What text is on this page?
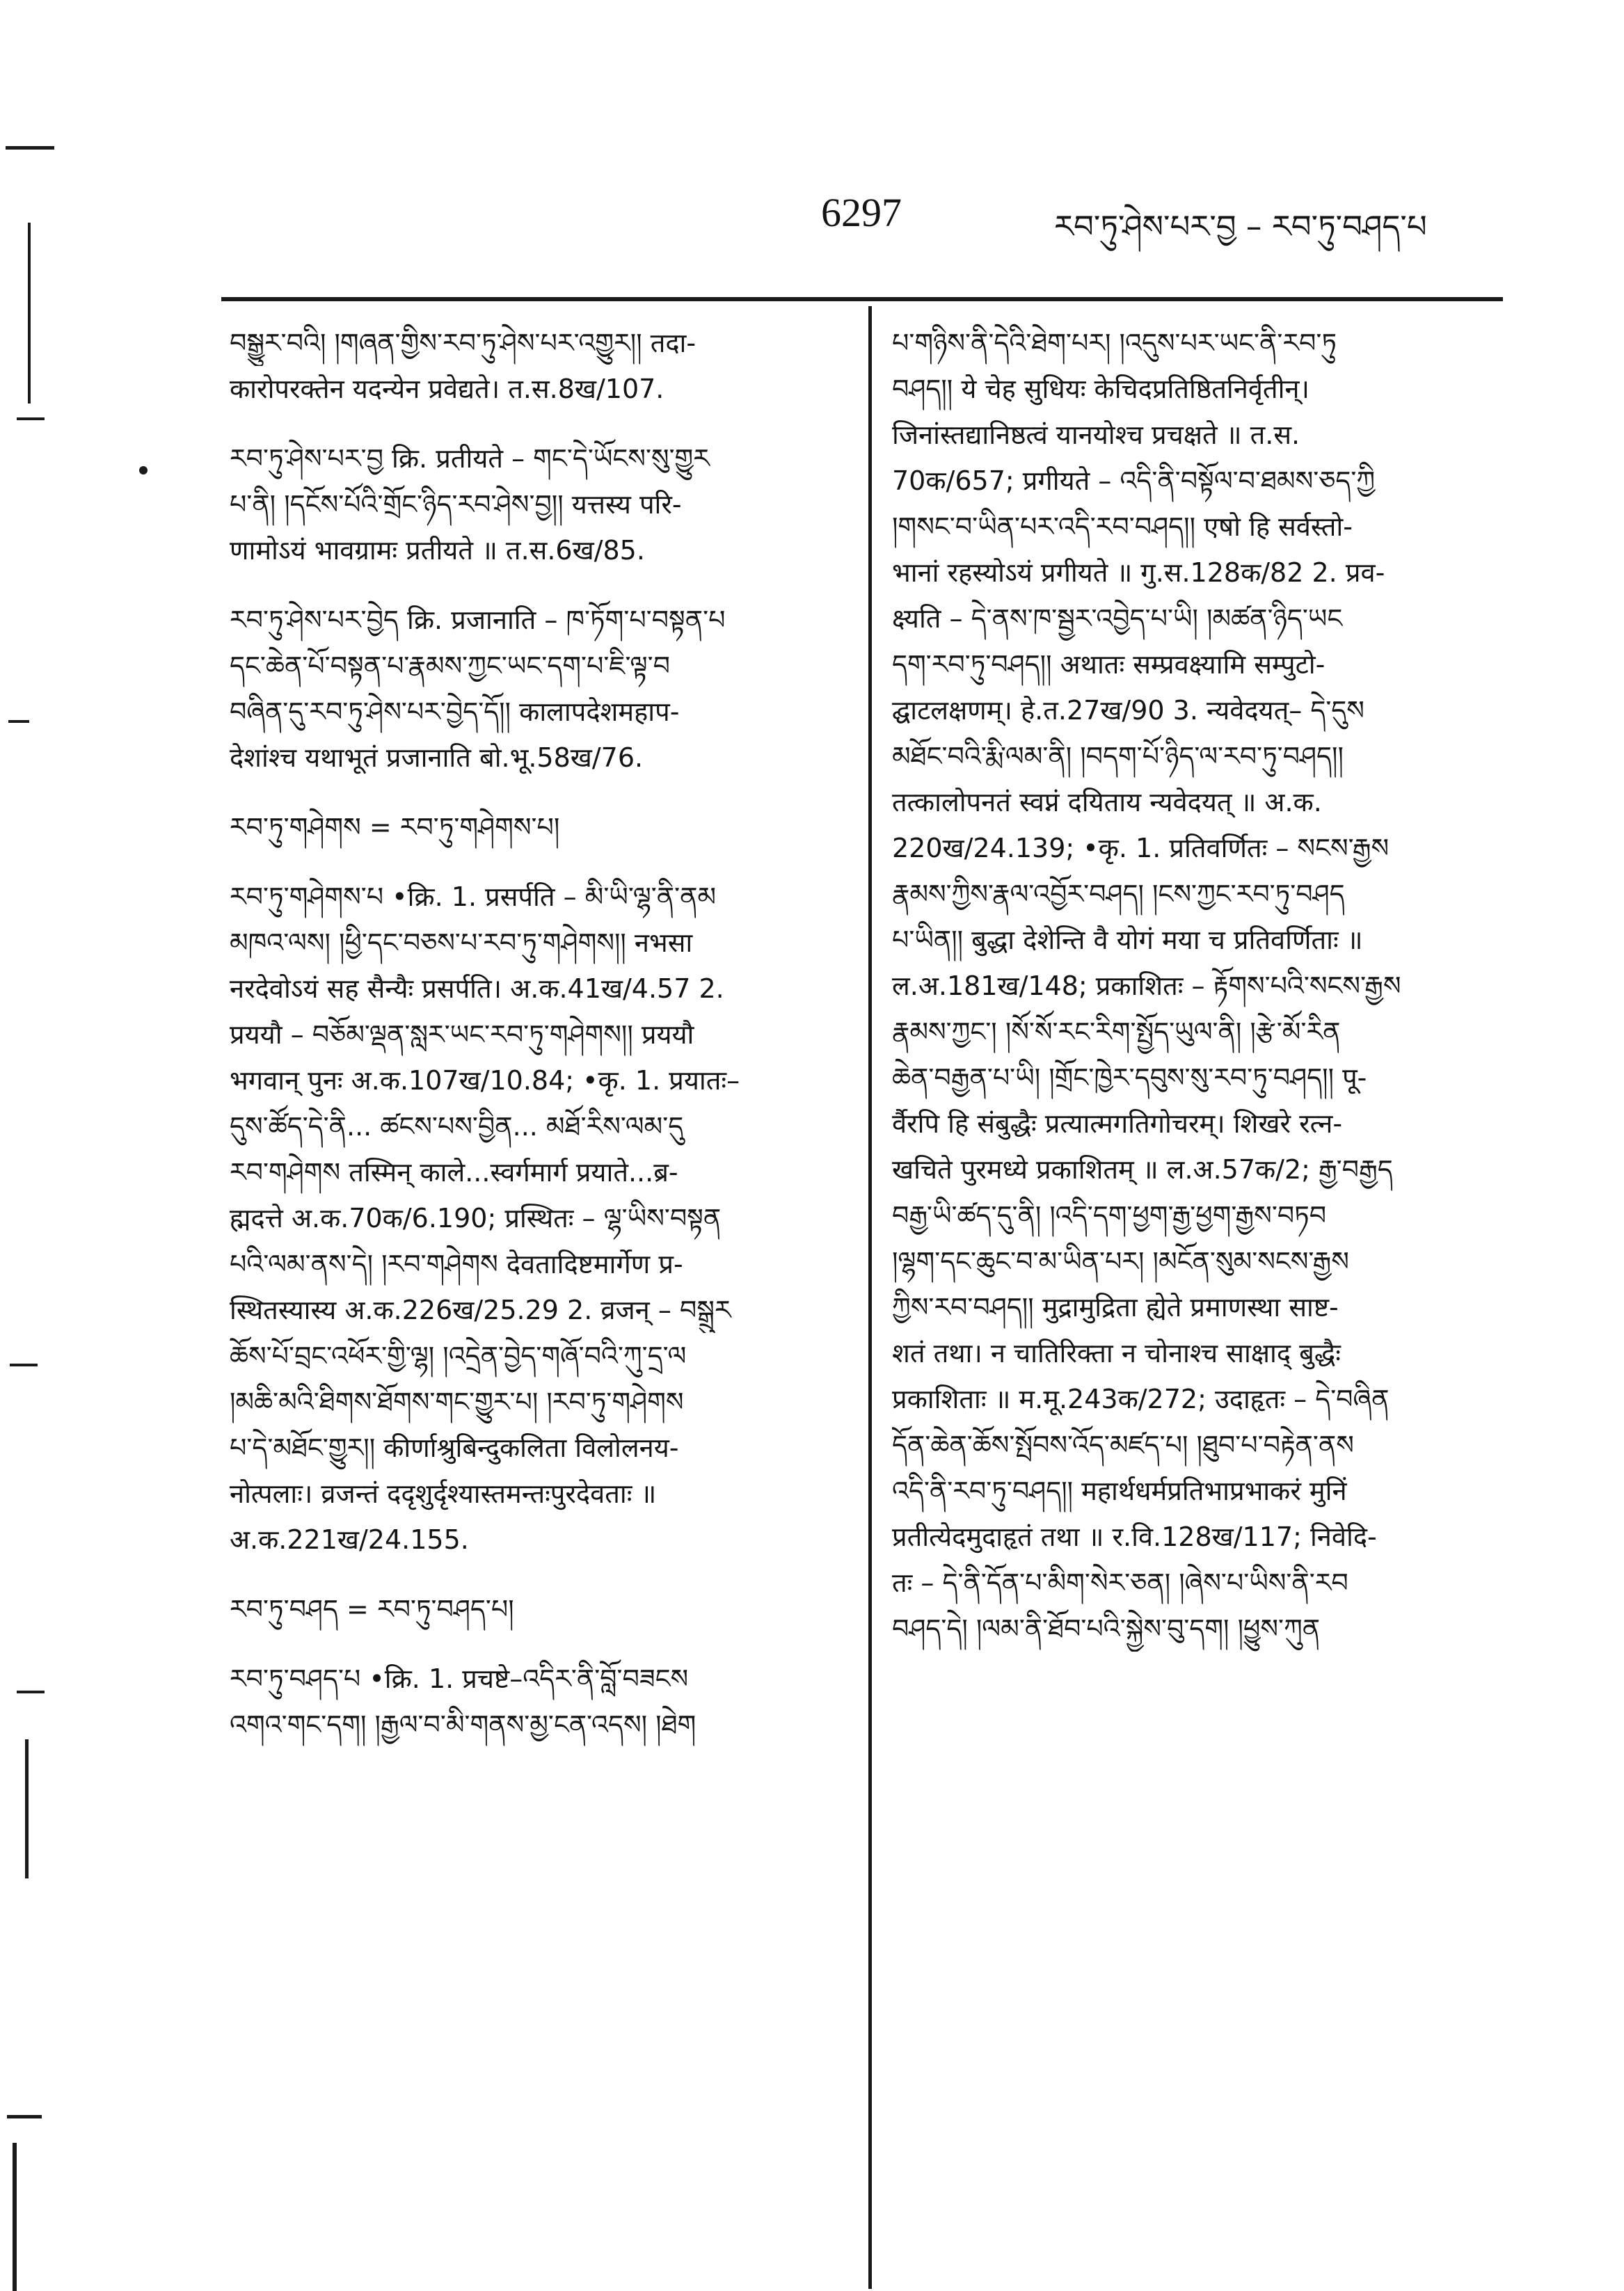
6297	རབ་ཏུ་ཤེས་པར་བྱ – རབ་ཏུ་བཤད་པ
བསྒྱུར་བའི། །གཞན་གྱིས་རབ་ཏུ་ཤེས་པར་འགྱུར།། तदा-
कारोपरक्तेन यदन्येन प्रवेद्यते। त.स.8ख/107.
རབ་ཏུ་ཤེས་པར་བྱ क्रि. प्रतीयते – གང་དེ་ཡོངས་སུ་གྱུར
པ་ནི། །དངོས་པོའི་གྲོང་ཉིད་རབ་ཤེས་བྱ།། यत्तस्य परि-
णामोऽयं भावग्रामः प्रतीयते ॥ त.स.6ख/85.
རབ་ཏུ་ཤེས་པར་བྱེད क्रि. प्रजानाति – ཁ་ཏོག་པ་བསྟན་པ
དང་ཆེན་པོ་བསྟན་པ་རྣམས་ཀྱང་ཡང་དག་པ་ཇི་ལྟ་བ
བཞིན་དུ་རབ་ཏུ་ཤེས་པར་བྱེད་དོ།། कालापदेशमहाप-
देशांश्च यथाभूतं प्रजानाति बो.भू.58ख/76.
རབ་ཏུ་གཤེགས = རབ་ཏུ་གཤེགས་པ།
རབ་ཏུ་གཤེགས་པ •क्रि. 1. प्रसर्पति – མི་ཡི་ལྷ་ནི་ནམ
མཁའ་ལས། །ཕྱི་དང་བཅས་པ་རབ་ཏུ་གཤེགས།། नभसा
नरदेवोऽयं सह सैन्यैः प्रसर्पति। अ.क.41ख/4.57 2.
प्रययौ – བཅོམ་ལྡན་སླར་ཡང་རབ་ཏུ་གཤེགས།། प्रययौ
भगवान् पुनः अ.क.107ख/10.84; •कृ. 1. प्रयातः–
དུས་ཚོད་དེ་ནི... ཚངས་པས་བྱིན... མཐོ་རིས་ལམ་དུ
རབ་གཤེགས तस्मिन् काले...स्वर्गमार्ग प्रयाते...ब्र-
ह्मदत्ते अ.क.70क/6.190; प्रस्थितः – ལྷ་ཡིས་བསྟན
པའི་ལམ་ནས་དེ། །རབ་གཤེགས देवतादिष्टमार्गेण प्र-
स्थितस्यास्य अ.क.226ख/25.29 2. व्रजन् – བསྒྲུར
ཆོས་པོ་བྲང་འཕོར་གྱི་ལྷ། །འདྲེན་བྱེད་གཞོ་བའི་ཀུ་དྲ་ལ
།མཆི་མའི་ཐིགས་ཐོགས་གང་གྱུར་པ། །རབ་ཏུ་གཤེགས
པ་དེ་མཐོང་གྱུར།། कीर्णाश्रुबिन्दुकलिता विलोलनय-
नोत्पलाः। व्रजन्तं ददृशुर्दृश्यास्तमन्तःपुरदेवताः ॥
अ.क.221ख/24.155.
རབ་ཏུ་བཤད = རབ་ཏུ་བཤད་པ།
རབ་ཏུ་བཤད་པ •क्रि. 1. प्रचष्टे–འདིར་ནི་བློ་བཟངས
འགའ་གང་དག། །རྒྱལ་བ་མི་གནས་མྱ་ངན་འདས། །ཐེག
པ་གཉིས་ནི་དེའི་ཐེག་པར། །འདུས་པར་ཡང་ནི་རབ་ཏུ
བཤད།། ये चेह सुधियः केचिदप्रतिष्ठितनिर्वृतीन्।
जिनांस्तद्यानिष्ठत्वं यानयोश्च प्रचक्षते ॥ त.स.
70क/657; प्रगीयते – འདི་ནི་བསྟོལ་བ་ཐམས་ཅད་ཀྱི
།གསང་བ་ཡིན་པར་འདི་རབ་བཤད།། एषो हि सर्वस्तो-
भानां रहस्योऽयं प्रगीयते ॥ गु.स.128क/82 2. प्रव-
क्ष्यति – དེ་ནས་ཁ་སྦྱར་འབྱེད་པ་ཡི། །མཚན་ཉིད་ཡང
དག་རབ་ཏུ་བཤད།། अथातः सम्प्रवक्ष्यामि सम्पुटो-
द्घाटलक्षणम्। हे.त.27ख/90 3. न्यवेदयत्– དེ་དུས
མཐོང་བའི་རྨི་ལམ་ནི། །བདག་པོ་ཉིད་ལ་རབ་ཏུ་བཤད།།
तत्कालोपनतं स्वप्नं दयिताय न्यवेदयत् ॥ अ.क.
220ख/24.139; •कृ. 1. प्रतिवर्णितः – སངས་རྒྱས
རྣམས་ཀྱིས་རྣལ་འབྱོར་བཤད། །ངས་ཀྱང་རབ་ཏུ་བཤད
པ་ཡིན།། बुद्धा देशेन्ति वै योगं मया च प्रतिवर्णिताः ॥
ल.अ.181ख/148; प्रकाशितः – རྟོགས་པའི་སངས་རྒྱས
རྣམས་ཀྱང་། །སོ་སོ་རང་རིག་སྤྱོད་ཡུལ་ནི། །རྩེ་མོ་རིན
ཆེན་བརྒྱན་པ་ཡི། །གྲོང་ཁྱེར་དབུས་སུ་རབ་ཏུ་བཤད།། पू-
र्वैरपि हि संबुद्धैः प्रत्यात्मगतिगोचरम्। शिखरे रत्न-
खचिते पुरमध्ये प्रकाशितम् ॥ ल.अ.57क/2; རྒྱ་བརྒྱད
བརྒྱ་ཡི་ཚད་དུ་ནི། །འདི་དག་ཕྱག་རྒྱ་ཕྱག་རྒྱས་བཏབ
།ལྷག་དང་ཆུང་བ་མ་ཡིན་པར། །མངོན་སུམ་སངས་རྒྱས
ཀྱིས་རབ་བཤད།། मुद्रामुद्रिता ह्येते प्रमाणस्था साष्ट-
शतं तथा। न चातिरिक्ता न चोनाश्च साक्षाद् बुद्धैः
प्रकाशिताः ॥ म.मू.243क/272; उदाहृतः – དེ་བཞིན
དོན་ཆེན་ཆོས་སྤོབས་འོད་མཛད་པ། །ཐུབ་པ་བརྟེན་ནས
འདི་ནི་རབ་ཏུ་བཤད།། महार्थधर्मप्रतिभाप्रभाकरं मुनिं
प्रतीत्येदमुदाहृतं तथा ॥ र.वि.128ख/117; निवेदि-
तः – དེ་ནི་དོན་པ་མིག་སེར་ཅན། །ཞེས་པ་ཡིས་ནི་རབ
བཤད་དེ། །ལམ་ནི་ཐོབ་པའི་སྐྱེས་བུ་དག། །ཕྱུས་ཀུན
